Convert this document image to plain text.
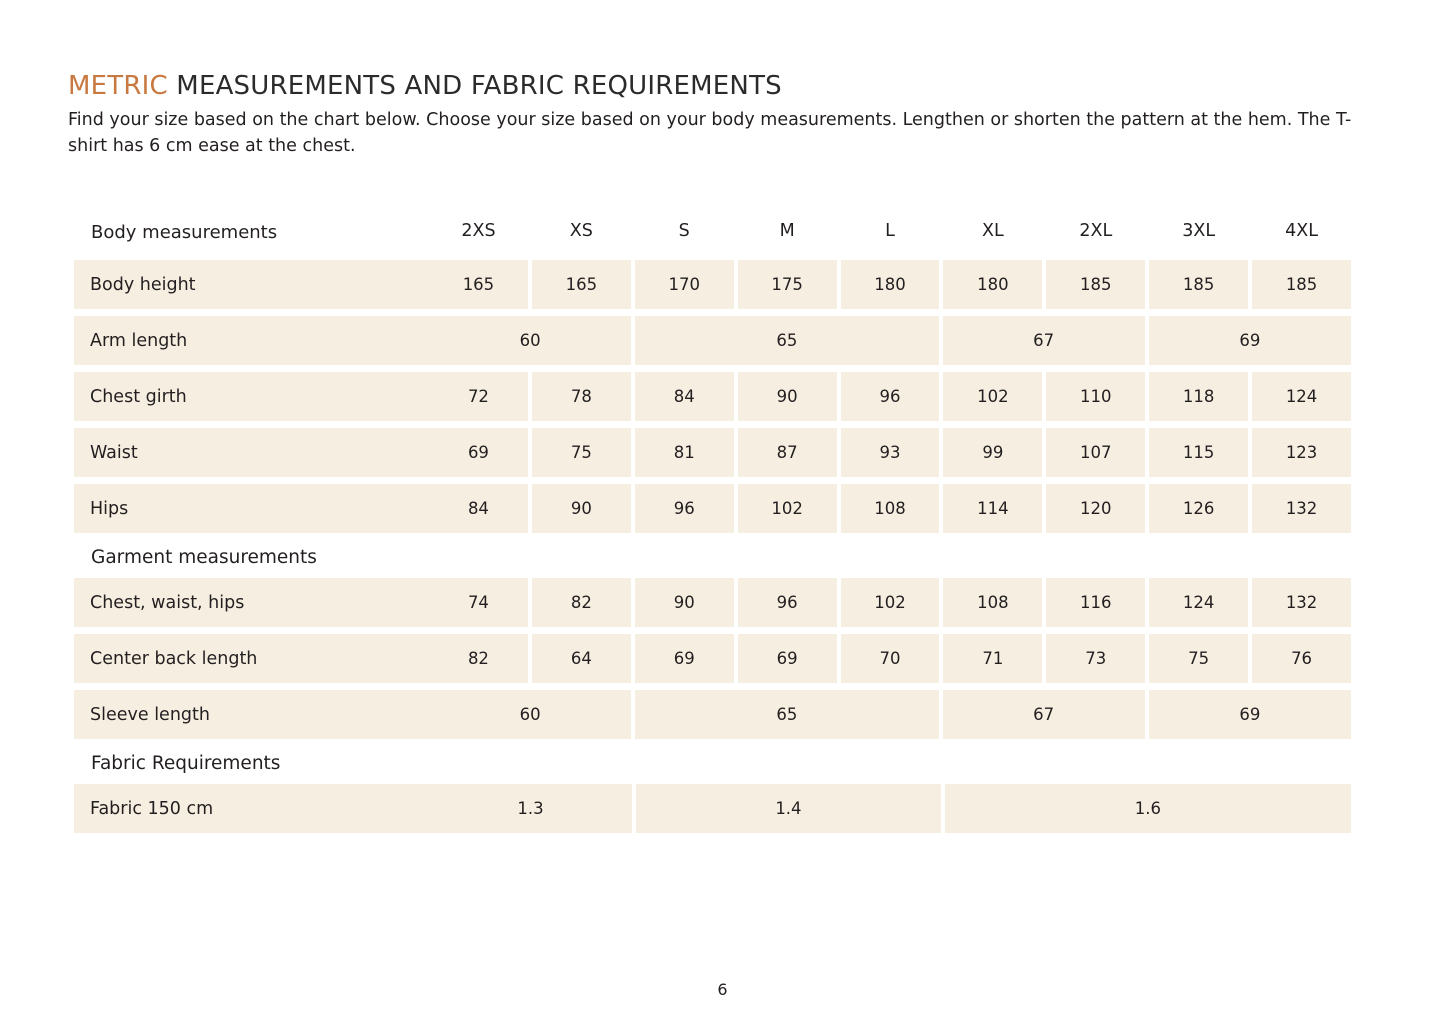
METRIC MEASUREMENTS AND FABRIC REQUIREMENTS
Find your size based on the chart below. Choose your size based on your body measurements. Lengthen or shorten the pattern at the hem. The T-shirt has 6 cm ease at the chest.
Body measurements	2XS	XS	S	M	L	XL	2XL	3XL	4XL
Body height	165	165	170	175	180	180	185	185	185
Arm length	60	65	67	69
Chest girth	72	78	84	90	96	102	110	118	124
Waist	69	75	81	87	93	99	107	115	123
Hips	84	90	96	102	108	114	120	126	132
Garment measurements
Chest, waist, hips	74	82	90	96	102	108	116	124	132
Center back length	82	64	69	69	70	71	73	75	76
Sleeve length	60	65	67	69
Fabric Requirements
Fabric 150 cm	1.3	1.4	1.6
6
